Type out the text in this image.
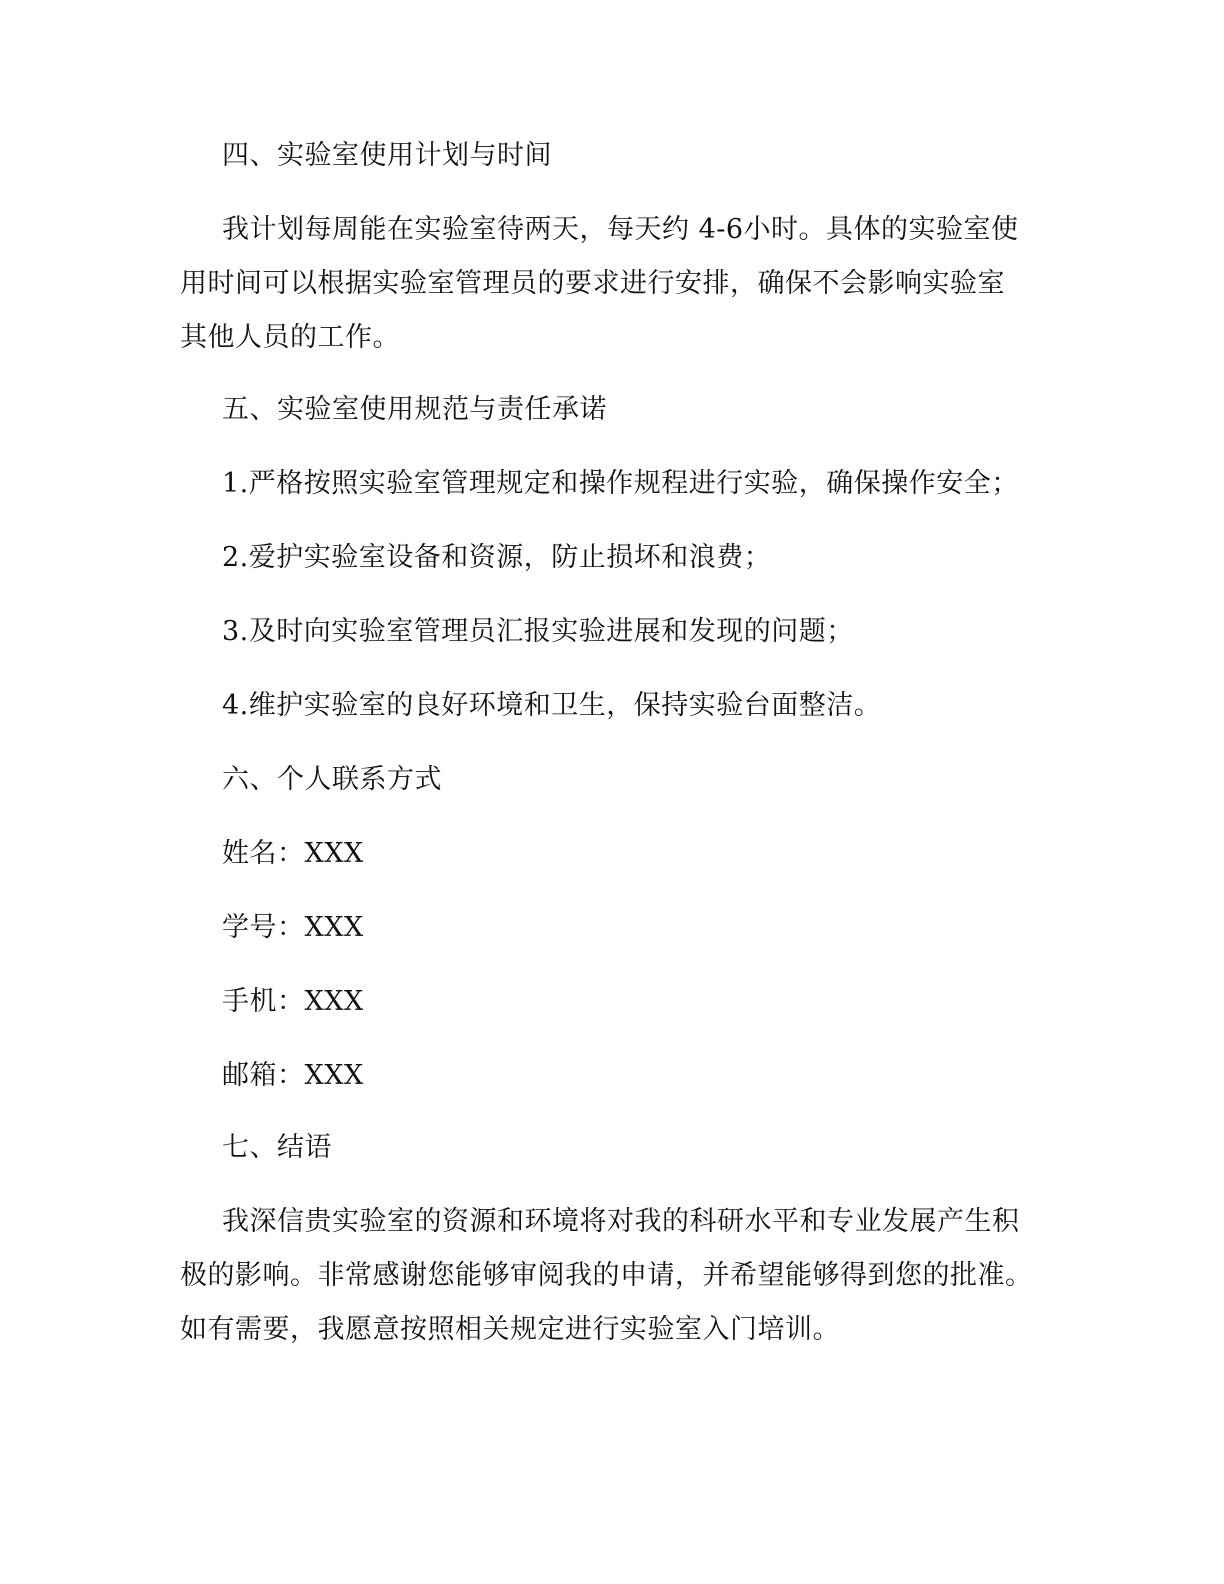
四、实验室使用计划与时间
我计划每周能在实验室待两天，每天约 4-6小时。具体的实验室使
用时间可以根据实验室管理员的要求进行安排，确保不会影响实验室
其他人员的工作。
五、实验室使用规范与责任承诺
1.严格按照实验室管理规定和操作规程进行实验，确保操作安全；
2.爱护实验室设备和资源，防止损坏和浪费；
3.及时向实验室管理员汇报实验进展和发现的问题；
4.维护实验室的良好环境和卫生，保持实验台面整洁。
六、个人联系方式
姓名：XXX
学号：XXX
手机：XXX
邮箱：XXX
七、结语
我深信贵实验室的资源和环境将对我的科研水平和专业发展产生积
极的影响。非常感谢您能够审阅我的申请，并希望能够得到您的批准。
如有需要，我愿意按照相关规定进行实验室入门培训。
